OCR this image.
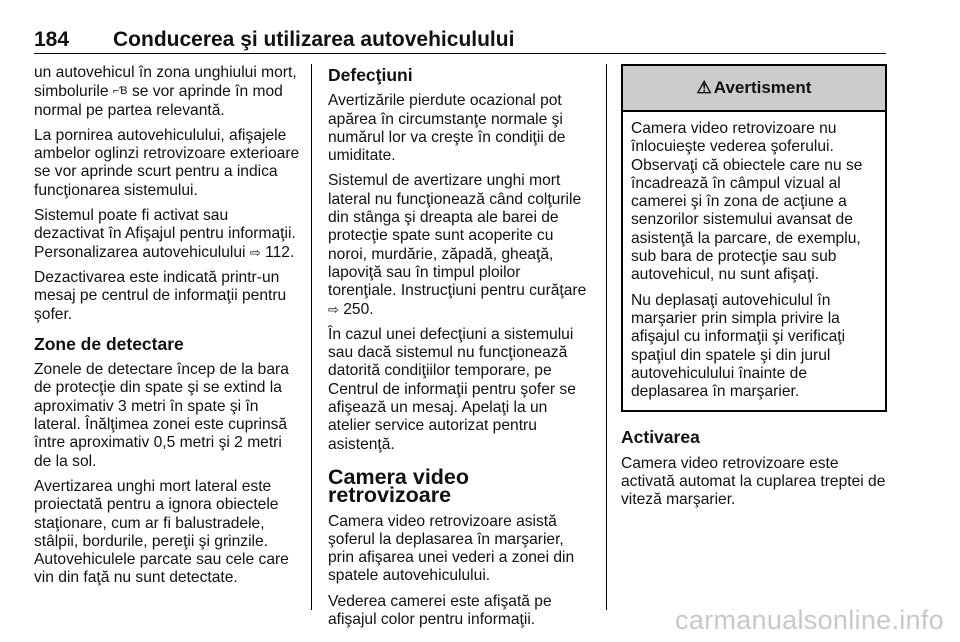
184 Conducerea şi utilizarea autovehiculului

un autovehicul în zona unghiului mort, simbolurile ⌐Ɓ se vor aprinde în mod normal pe partea relevantă.

La pornirea autovehiculului, afişajele ambelor oglinzi retrovizoare exterioare se vor aprinde scurt pentru a indica funcţionarea sistemului.

Sistemul poate fi activat sau dezactivat în Afişajul pentru informaţii. Personalizarea autovehiculului ⇨ 112.

Dezactivarea este indicată printr-un mesaj pe centrul de informaţii pentru şofer.

Zone de detectare

Zonele de detectare încep de la bara de protecţie din spate şi se extind la aproximativ 3 metri în spate şi în lateral. Înălţimea zonei este cuprinsă între aproximativ 0,5 metri şi 2 metri de la sol.

Avertizarea unghi mort lateral este proiectată pentru a ignora obiectele staţionare, cum ar fi balustradele, stâlpii, bordurile, pereţii şi grinzile. Autovehiculele parcate sau cele care vin din faţă nu sunt detectate.

Defecţiuni

Avertizările pierdute ocazional pot apărea în circumstanţe normale şi numărul lor va creşte în condiţii de umiditate.

Sistemul de avertizare unghi mort lateral nu funcţionează când colţurile din stânga şi dreapta ale barei de protecţie spate sunt acoperite cu noroi, murdărie, zăpadă, gheaţă, lapoviţă sau în timpul ploilor torenţiale. Instrucţiuni pentru curăţare ⇨ 250.

În cazul unei defecţiuni a sistemului sau dacă sistemul nu funcţionează datorită condiţiilor temporare, pe Centrul de informaţii pentru şofer se afişează un mesaj. Apelaţi la un atelier service autorizat pentru asistenţă.

Camera video retrovizoare

Camera video retrovizoare asistă şoferul la deplasarea în marşarier, prin afişarea unei vederi a zonei din spatele autovehiculului.

Vederea camerei este afişată pe afişajul color pentru informaţii.

⚠ Avertisment

Camera video retrovizoare nu înlocuieşte vederea şoferului. Observaţi că obiectele care nu se încadrează în câmpul vizual al camerei şi în zona de acţiune a senzorilor sistemului avansat de asistenţă la parcare, de exemplu, sub bara de protecţie sau sub autovehicul, nu sunt afişaţi.

Nu deplasaţi autovehiculul în marşarier prin simpla privire la afişajul cu informaţii şi verificaţi spaţiul din spatele şi din jurul autovehiculului înainte de deplasarea în marşarier.

Activarea

Camera video retrovizoare este activată automat la cuplarea treptei de viteză marşarier.

carmanualsonline.info
